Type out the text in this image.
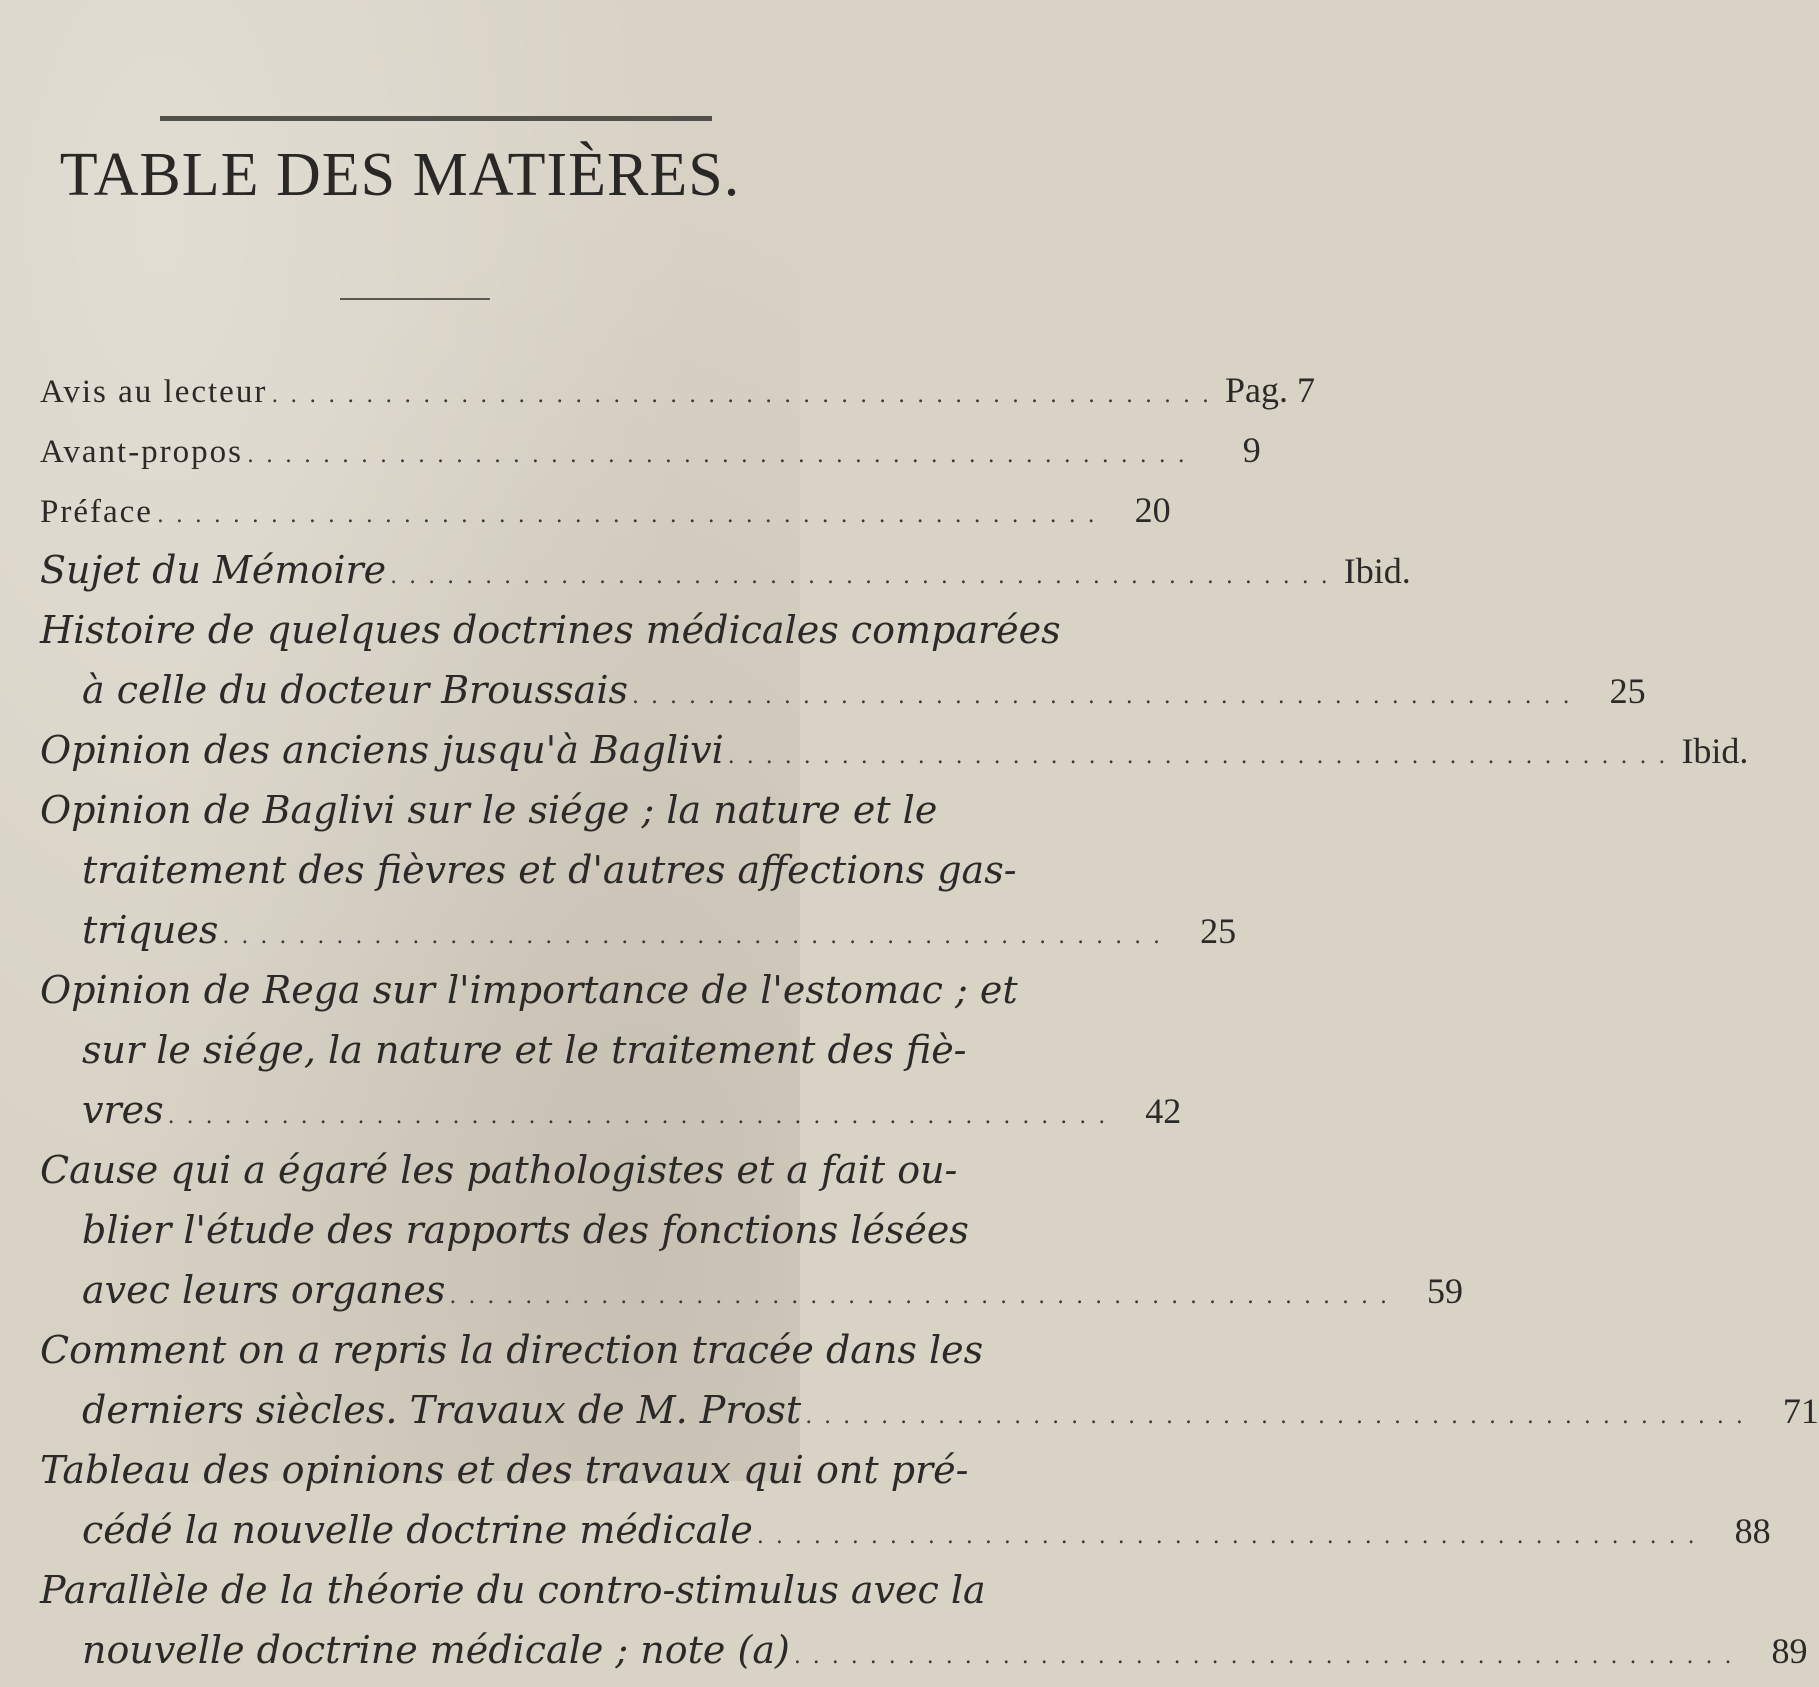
TABLE DES MATIÈRES.
Avis au lecteur .................................................. Pag. 7
Avant-propos ..................................................	9
Préface .................................................. 20
Sujet du Mémoire .................................................. Ibid.
Histoire de quelques doctrines médicales comparées
à celle du docteur Broussais .................................................. 25
Opinion des anciens jusqu'à Baglivi .................................................. Ibid.
Opinion de Baglivi sur le siége ; la nature et le
traitement des fièvres et d'autres affections gas-
triques .................................................. 25
Opinion de Rega sur l'importance de l'estomac ; et
sur le siége, la nature et le traitement des fiè-
vres .................................................. 42
Cause qui a égaré les pathologistes et a fait ou-
blier l'étude des rapports des fonctions lésées
avec leurs organes .................................................. 59
Comment on a repris la direction tracée dans les
derniers siècles. Travaux de M. Prost .................................................. 71
Tableau des opinions et des travaux qui ont pré-
cédé la nouvelle doctrine médicale .................................................. 88
Parallèle de la théorie du contro-stimulus avec la
nouvelle doctrine médicale ; note (a) .................................................. 89
